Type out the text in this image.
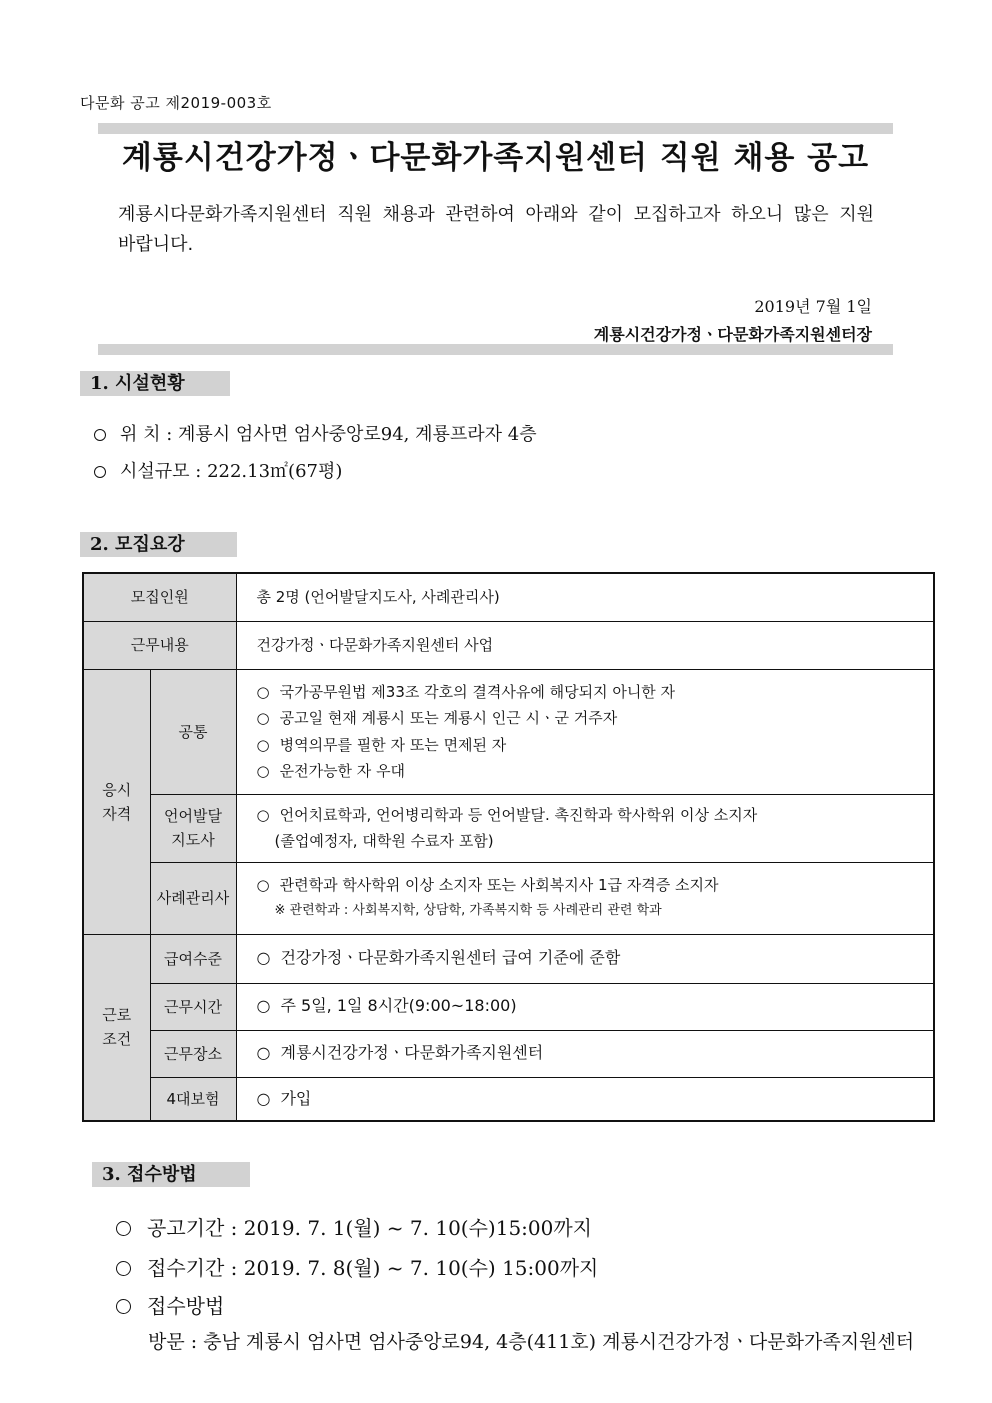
다문화 공고 제2019-003호
계룡시건강가정ㆍ다문화가족지원센터 직원 채용 공고
계룡시다문화가족지원센터 직원 채용과 관련하여 아래와 같이 모집하고자 하오니 많은 지원 바랍니다.
2019년 7월 1일
계룡시건강가정ㆍ다문화가족지원센터장
1. 시설현황
위 치 : 계룡시 엄사면 엄사중앙로94, 계룡프라자 4층
시설규모 : 222.13㎡(67평)
2. 모집요강
모집인원		총 2명 (언어발달지도사, 사례관리사)
근무내용		건강가정ㆍ다문화가족지원센터 사업
응시 자격	공통	○ 국가공무원법 제33조 각호의 결격사유에 해당되지 아니한 자
○ 공고일 현재 계룡시 또는 계룡시 인근 시ㆍ군 거주자
○ 병역의무를 필한 자 또는 면제된 자
○ 운전가능한 자 우대

	언어발달 지도사	○ 언어치료학과, 언어병리학과 등 언어발달. 촉진학과 학사학위 이상 소지자
(졸업예정자, 대학원 수료자 포함)

	사례관리사	○ 관련학과 학사학위 이상 소지자 또는 사회복지사 1급 자격증 소지자
※ 관련학과 : 사회복지학, 상담학, 가족복지학 등 사례관리 관련 학과

근로 조건	급여수준	○ 건강가정ㆍ다문화가족지원센터 급여 기준에 준함
	근무시간	○ 주 5일, 1일 8시간(9:00~18:00)
	근무장소	○ 계룡시건강가정ㆍ다문화가족지원센터
	4대보험	○ 가입
3. 접수방법
공고기간 : 2019. 7. 1(월) ~ 7. 10(수)15:00까지
접수기간 : 2019. 7. 8(월) ~ 7. 10(수) 15:00까지
접수방법
방문 : 충남 계룡시 엄사면 엄사중앙로94, 4층(411호) 계룡시건강가정ㆍ다문화가족지원센터
